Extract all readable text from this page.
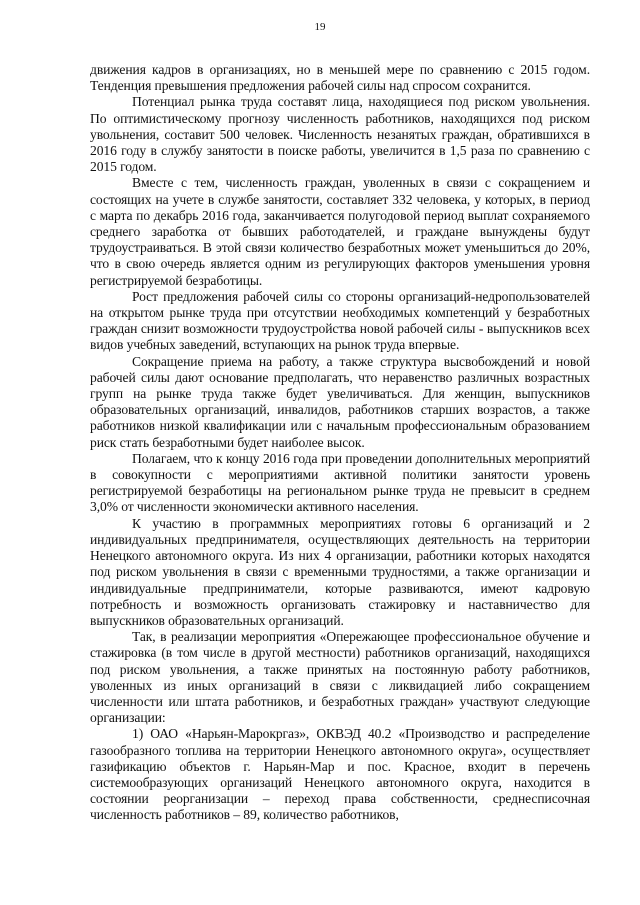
19

движения кадров в организациях, но в меньшей мере по сравнению с 2015 годом. Тенденция превышения предложения рабочей силы над спросом сохранится.

Потенциал рынка труда составят лица, находящиеся под риском увольнения. По оптимистическому прогнозу численность работников, находящихся под риском увольнения, составит 500 человек. Численность незанятых граждан, обратившихся в 2016 году в службу занятости в поиске работы, увеличится в 1,5 раза по сравнению с 2015 годом.

Вместе с тем, численность граждан, уволенных в связи с сокращением и состоящих на учете в службе занятости, составляет 332 человека, у которых, в период с марта по декабрь 2016 года, заканчивается полугодовой период выплат сохраняемого среднего заработка от бывших работодателей, и граждане вынуждены будут трудоустраиваться. В этой связи количество безработных может уменьшиться до 20%, что в свою очередь является одним из регулирующих факторов уменьшения уровня регистрируемой безработицы.

Рост предложения рабочей силы со стороны организаций-недропользователей на открытом рынке труда при отсутствии необходимых компетенций у безработных граждан снизит возможности трудоустройства новой рабочей силы - выпускников всех видов учебных заведений, вступающих на рынок труда впервые.

Сокращение приема на работу, а также структура высвобождений и новой рабочей силы дают основание предполагать, что неравенство различных возрастных групп на рынке труда также будет увеличиваться. Для женщин, выпускников образовательных организаций, инвалидов, работников старших возрастов, а также работников низкой квалификации или с начальным профессиональным образованием риск стать безработными будет наиболее высок.

Полагаем, что к концу 2016 года при проведении дополнительных мероприятий в совокупности с мероприятиями активной политики занятости уровень регистрируемой безработицы на региональном рынке труда не превысит в среднем 3,0% от численности экономически активного населения.

К участию в программных мероприятиях готовы 6 организаций и 2 индивидуальных предпринимателя, осуществляющих деятельность на территории Ненецкого автономного округа. Из них 4 организации, работники которых находятся под риском увольнения в связи с временными трудностями, а также организации и индивидуальные предприниматели, которые развиваются, имеют кадровую потребность и возможность организовать стажировку и наставничество для выпускников образовательных организаций.

Так, в реализации мероприятия «Опережающее профессиональное обучение и стажировка (в том числе в другой местности) работников организаций, находящихся под риском увольнения, а также принятых на постоянную работу работников, уволенных из иных организаций в связи с ликвидацией либо сокращением численности или штата работников, и безработных граждан» участвуют следующие организации:

1) ОАО «Нарьян-Марокргаз», ОКВЭД 40.2 «Производство и распределение газообразного топлива на территории Ненецкого автономного округа», осуществляет газификацию объектов г. Нарьян-Мар и пос. Красное, входит в перечень системообразующих организаций Ненецкого автономного округа, находится в состоянии реорганизации – переход права собственности, среднесписочная численность работников – 89, количество работников,
